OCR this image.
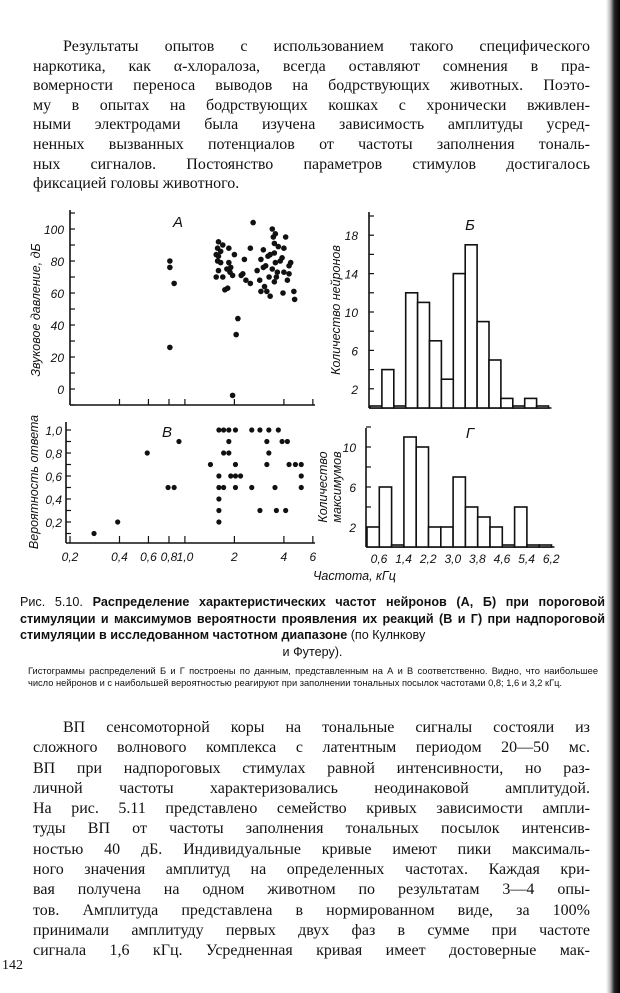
Результаты опытов с использованием такого специфического
наркотика, как α-хлоралоза, всегда оставляют сомнения в пра-
вомерности переноса выводов на бодрствующих животных. Поэто-
му в опытах на бодрствующих кошках с хронически вживлен-
ными электродами была изучена зависимость амплитуды усред-
ненных вызванных потенциалов от частоты заполнения тональ-
ных сигналов. Постоянство параметров стимулов достигалось
фиксацией головы животного.
0
20
40
60
80
100
Звуковое давление, дБ
А
0,2
0,4
0,6
0,8
1,0
0,2	0,4 0,6 0,8 1,0	2	4 6
Вероятность ответа	В
2
6
10
14
18
Количество нейронов
Б
2
6
10
0,6 1,4 2,2 3,0 3,8 4,6 5,4 6,2
Количество максимумов
Г
Частота, кГц
Рис. 5.10. Распределение характеристических частот нейронов (А, Б) при пороговой стимуляции и максимумов вероятности проявления их реакций (В и Г) при надпороговой стимуляции в исследованном частотном диапазоне (по Кулнкову
и Футеру).
Гистограммы распределений Б и Г построены по данным, представленным на А и В соответственно. Видно, что наибольшее число нейронов и с наибольшей вероятностью реагируют при заполнении тональных посылок частотами 0,8; 1,6 и 3,2 кГц.
ВП сенсомоторной коры на тональные сигналы состояли из
сложного волнового комплекса с латентным периодом 20—50 мс.
ВП при надпороговых стимулах равной интенсивности, но раз-
личной частоты характеризовались неодинаковой амплитудой.
На рис. 5.11 представлено семейство кривых зависимости ампли-
туды ВП от частоты заполнения тональных посылок интенсив-
ностью 40 дБ. Индивидуальные кривые имеют пики максималь-
ного значения амплитуд на определенных частотах. Каждая кри-
вая получена на одном животном по результатам 3—4 опы-
тов. Амплитуда представлена в нормированном виде, за 100%
принимали амплитуду первых двух фаз в сумме при частоте
сигнала 1,6 кГц. Усредненная кривая имеет достоверные мак-
142
